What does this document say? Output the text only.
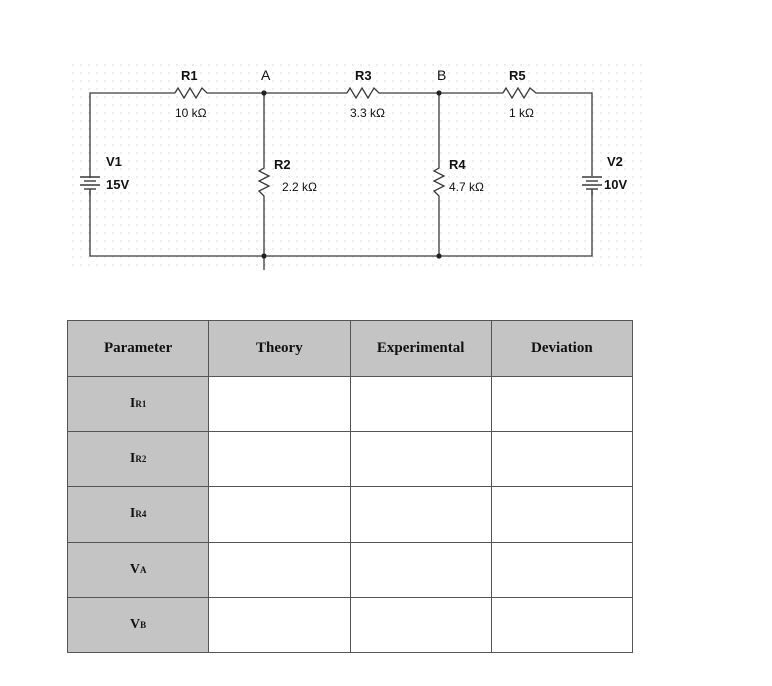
R1
10 kΩ
R3
3.3 kΩ
R5
1 kΩ
R2
2.2 kΩ
R4
4.7 kΩ
V1
15V
V2
10V
A	B
Parameter	Theory	Experimental	Deviation
IR1			
IR2			
IR4			
VA			
VB			
